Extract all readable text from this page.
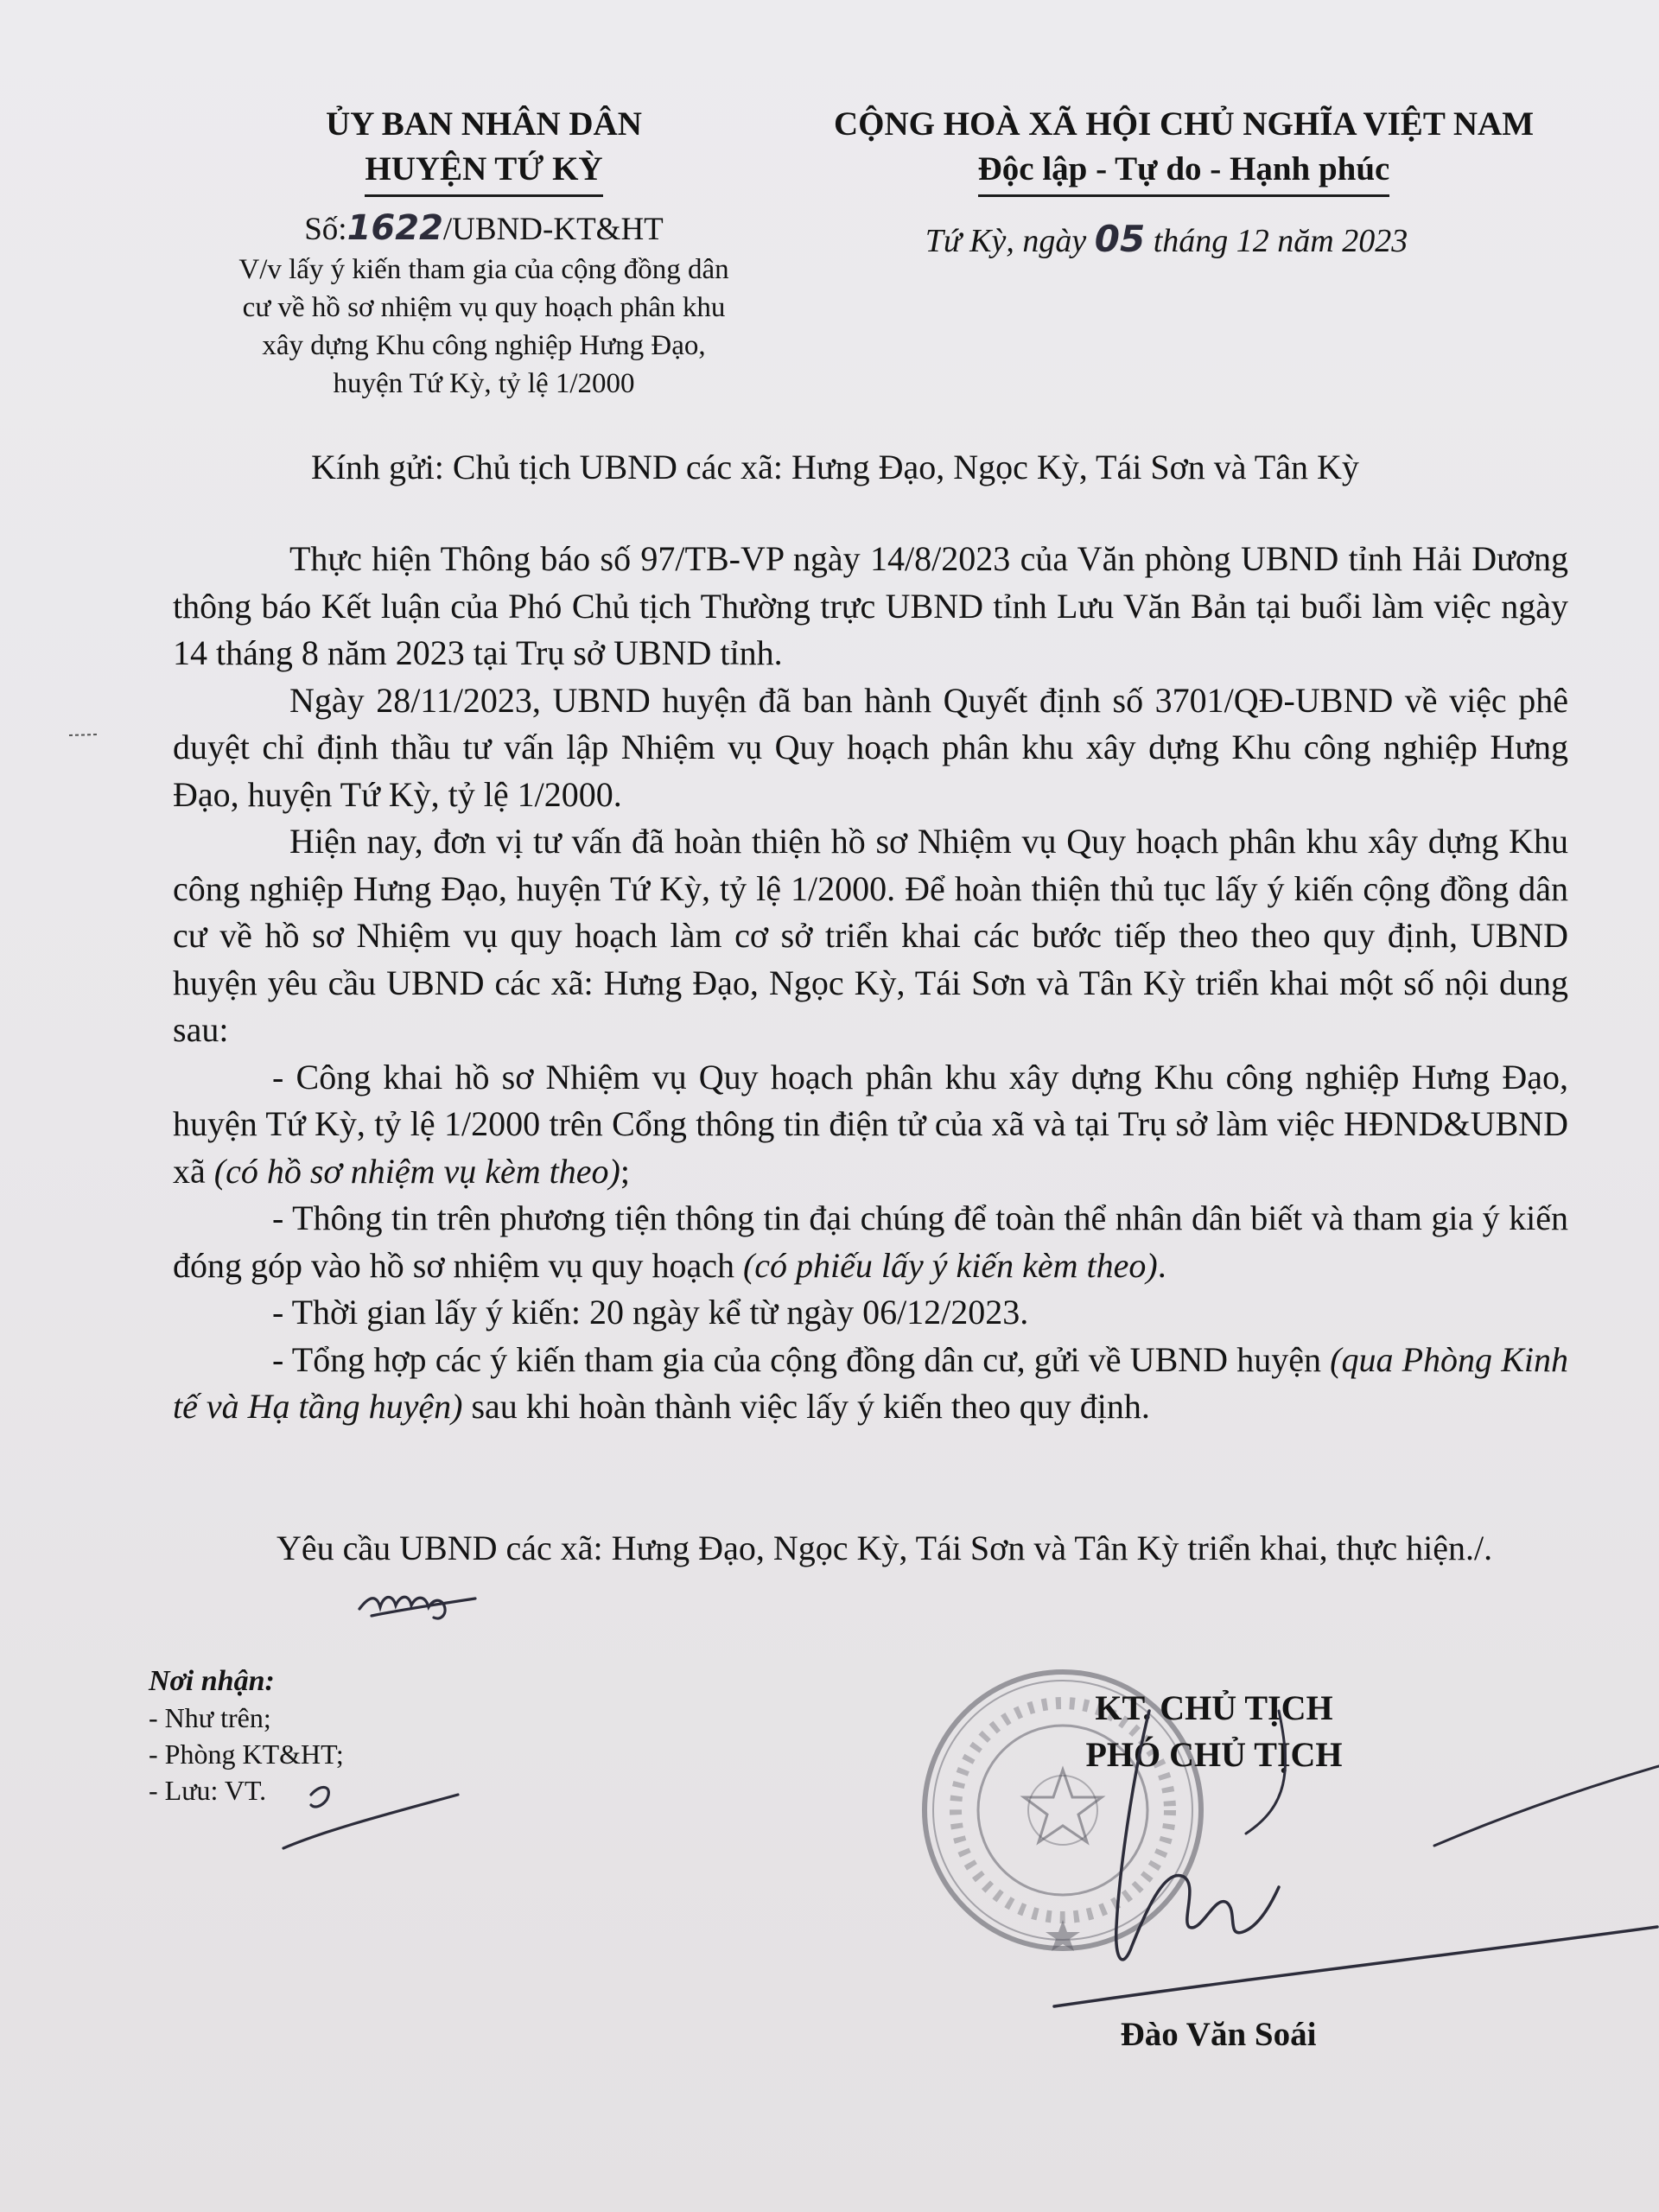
ỦY BAN NHÂN DÂN
HUYỆN TỨ KỲ
CỘNG HOÀ XÃ HỘI CHỦ NGHĨA VIỆT NAM
Độc lập - Tự do - Hạnh phúc
Số:1622/UBND-KT&HT
V/v lấy ý kiến tham gia của cộng đồng dân
cư về hồ sơ nhiệm vụ quy hoạch phân khu
xây dựng Khu công nghiệp Hưng Đạo,
huyện Tứ Kỳ, tỷ lệ 1/2000
Tứ Kỳ, ngày 05 tháng 12 năm 2023
Kính gửi: Chủ tịch UBND các xã: Hưng Đạo, Ngọc Kỳ, Tái Sơn và Tân Kỳ

Thực hiện Thông báo số 97/TB-VP ngày 14/8/2023 của Văn phòng UBND tỉnh Hải Dương thông báo Kết luận của Phó Chủ tịch Thường trực UBND tỉnh Lưu Văn Bản tại buổi làm việc ngày 14 tháng 8 năm 2023 tại Trụ sở UBND tỉnh.

Ngày 28/11/2023, UBND huyện đã ban hành Quyết định số 3701/QĐ-UBND về việc phê duyệt chỉ định thầu tư vấn lập Nhiệm vụ Quy hoạch phân khu xây dựng Khu công nghiệp Hưng Đạo, huyện Tứ Kỳ, tỷ lệ 1/2000.

Hiện nay, đơn vị tư vấn đã hoàn thiện hồ sơ Nhiệm vụ Quy hoạch phân khu xây dựng Khu công nghiệp Hưng Đạo, huyện Tứ Kỳ, tỷ lệ 1/2000. Để hoàn thiện thủ tục lấy ý kiến cộng đồng dân cư về hồ sơ Nhiệm vụ quy hoạch làm cơ sở triển khai các bước tiếp theo theo quy định, UBND huyện yêu cầu UBND các xã: Hưng Đạo, Ngọc Kỳ, Tái Sơn và Tân Kỳ triển khai một số nội dung sau:

- Công khai hồ sơ Nhiệm vụ Quy hoạch phân khu xây dựng Khu công nghiệp Hưng Đạo, huyện Tứ Kỳ, tỷ lệ 1/2000 trên Cổng thông tin điện tử của xã và tại Trụ sở làm việc HĐND&UBND xã (có hồ sơ nhiệm vụ kèm theo);

- Thông tin trên phương tiện thông tin đại chúng để toàn thể nhân dân biết và tham gia ý kiến đóng góp vào hồ sơ nhiệm vụ quy hoạch (có phiếu lấy ý kiến kèm theo).

- Thời gian lấy ý kiến: 20 ngày kể từ ngày 06/12/2023.

- Tổng hợp các ý kiến tham gia của cộng đồng dân cư, gửi về UBND huyện (qua Phòng Kinh tế và Hạ tầng huyện) sau khi hoàn thành việc lấy ý kiến theo quy định.

Yêu cầu UBND các xã: Hưng Đạo, Ngọc Kỳ, Tái Sơn và Tân Kỳ triển khai, thực hiện./.

Nơi nhận:
- Như trên;
- Phòng KT&HT;
- Lưu: VT.
KT. CHỦ TỊCH
PHÓ CHỦ TỊCH
Đào Văn Soái
